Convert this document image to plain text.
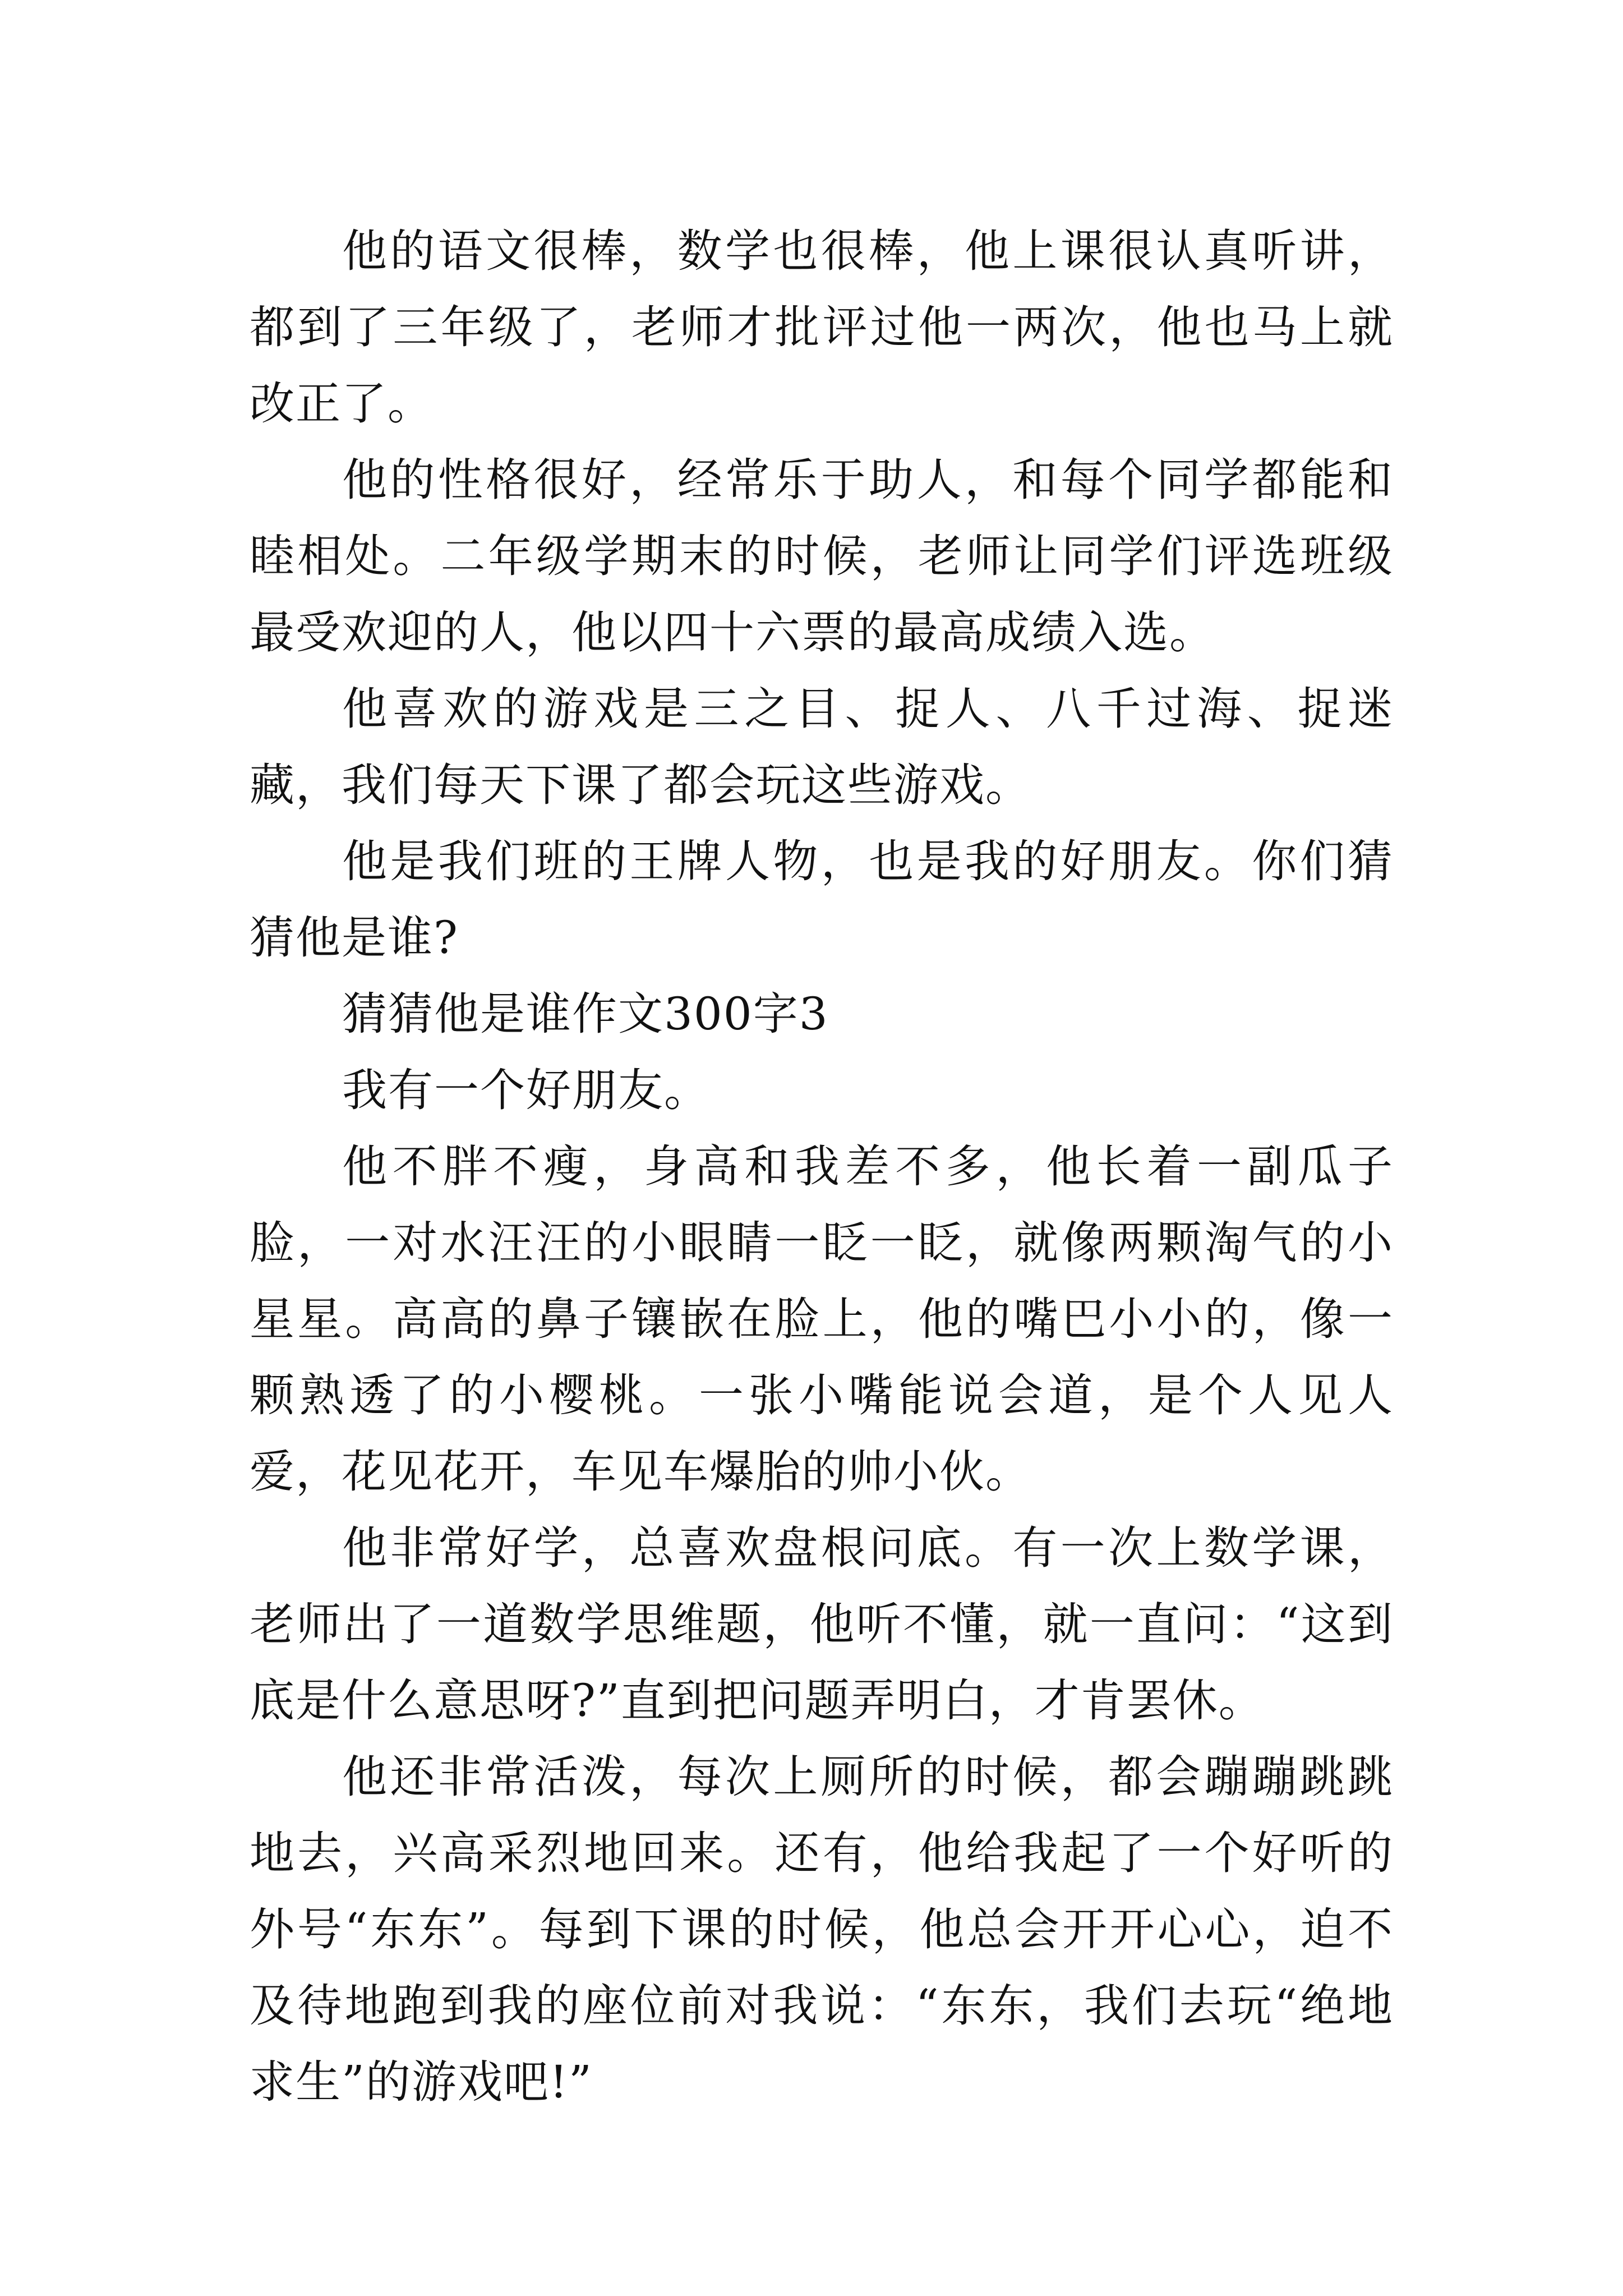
他的语文很棒，数学也很棒，他上课很认真听讲，都到了三年级了，老师才批评过他一两次，他也马上就改正了。

他的性格很好，经常乐于助人，和每个同学都能和睦相处。二年级学期末的时候，老师让同学们评选班级最受欢迎的人，他以四十六票的最高成绩入选。

他喜欢的游戏是三之目、捉人、八千过海、捉迷藏，我们每天下课了都会玩这些游戏。

他是我们班的王牌人物，也是我的好朋友。你们猜猜他是谁?

猜猜他是谁作文300字3

我有一个好朋友。

他不胖不瘦，身高和我差不多，他长着一副瓜子脸，一对水汪汪的小眼睛一眨一眨，就像两颗淘气的小星星。高高的鼻子镶嵌在脸上，他的嘴巴小小的，像一颗熟透了的小樱桃。一张小嘴能说会道，是个人见人爱，花见花开，车见车爆胎的帅小伙。

他非常好学，总喜欢盘根问底。有一次上数学课，老师出了一道数学思维题，他听不懂，就一直问：“这到底是什么意思呀?”直到把问题弄明白，才肯罢休。

他还非常活泼，每次上厕所的时候，都会蹦蹦跳跳地去，兴高采烈地回来。还有，他给我起了一个好听的外号“东东”。每到下课的时候，他总会开开心心，迫不及待地跑到我的座位前对我说：“东东，我们去玩“绝地求生”的游戏吧!”
